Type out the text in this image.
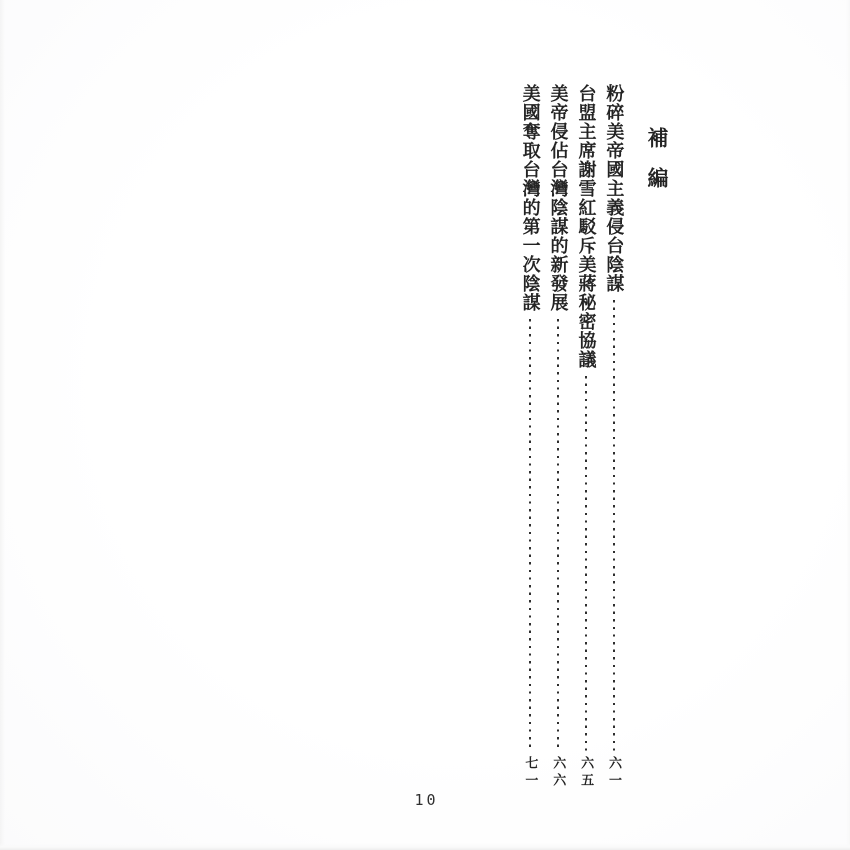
補編
粉碎美帝國主義侵台陰謀
六一
台盟主席謝雪紅駁斥美蔣秘密協議
六五
美帝侵佔台灣陰謀的新發展
六六
美國奪取台灣的第一次陰謀
七一
10
